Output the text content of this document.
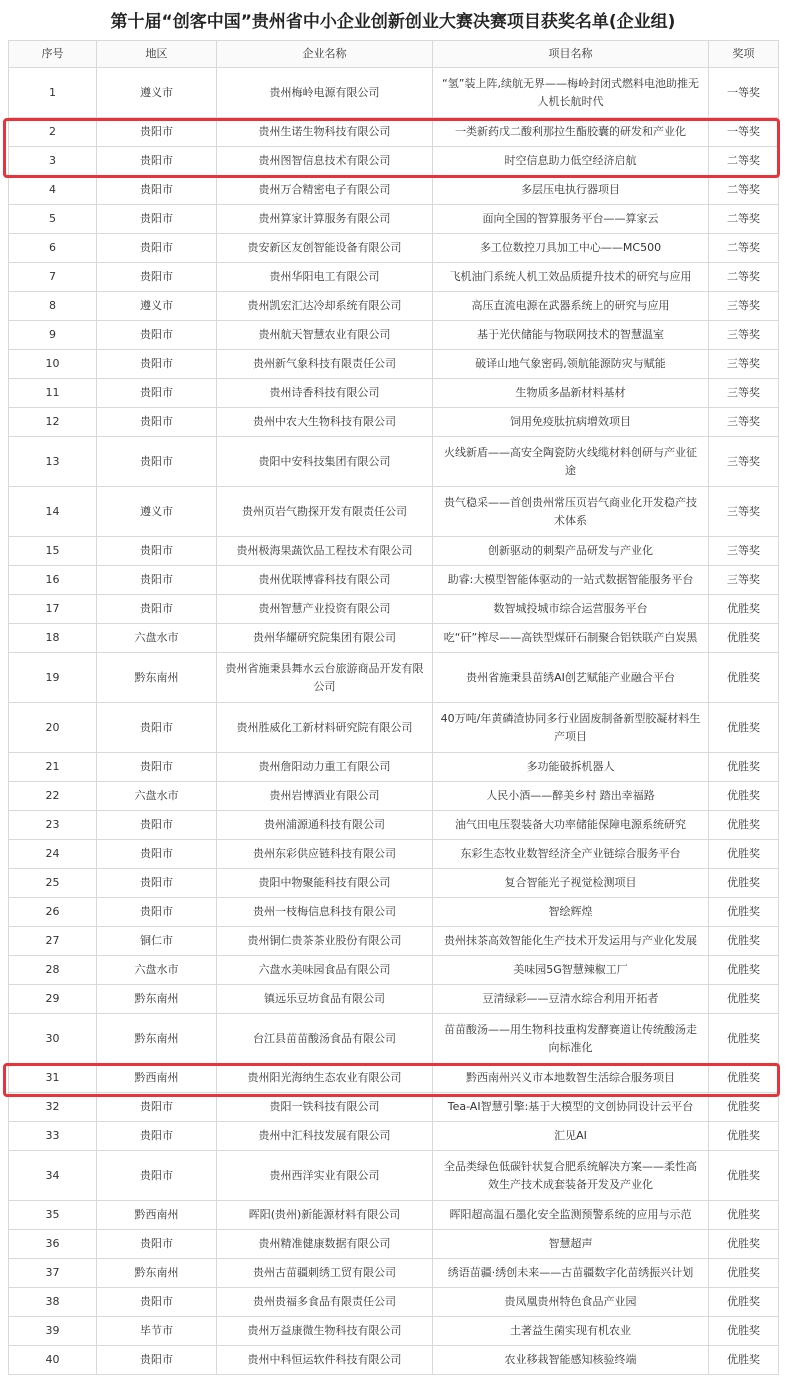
第十届“创客中国”贵州省中小企业创新创业大赛决赛项目获奖名单(企业组)
序号	地区	企业名称	项目名称	奖项
1	遵义市	贵州梅岭电源有限公司	“氢”装上阵,续航无界——梅岭封闭式燃料电池助推无人机长航时代	一等奖
2	贵阳市	贵州生诺生物科技有限公司	一类新药戊二酸利那拉生酯胶囊的研发和产业化	一等奖
3	贵阳市	贵州图智信息技术有限公司	时空信息助力低空经济启航	二等奖
4	贵阳市	贵州万合精密电子有限公司	多层压电执行器项目	二等奖
5	贵阳市	贵州算家计算服务有限公司	面向全国的智算服务平台——算家云	二等奖
6	贵阳市	贵安新区友创智能设备有限公司	多工位数控刀具加工中心——MC500	二等奖
7	贵阳市	贵州华阳电工有限公司	飞机油门系统人机工效品质提升技术的研究与应用	二等奖
8	遵义市	贵州凯宏汇达冷却系统有限公司	高压直流电源在武器系统上的研究与应用	三等奖
9	贵阳市	贵州航天智慧农业有限公司	基于光伏储能与物联网技术的智慧温室	三等奖
10	贵阳市	贵州新气象科技有限责任公司	破译山地气象密码,领航能源防灾与赋能	三等奖
11	贵阳市	贵州诗香科技有限公司	生物质多晶新材料基材	三等奖
12	贵阳市	贵州中农大生物科技有限公司	饲用免疫肽抗病增效项目	三等奖
13	贵阳市	贵阳中安科技集团有限公司	火线新盾——高安全陶瓷防火线缆材料创研与产业征途	三等奖
14	遵义市	贵州页岩气勘探开发有限责任公司	贵气稳采——首创贵州常压页岩气商业化开发稳产技术体系	三等奖
15	贵阳市	贵州极海果蔬饮品工程技术有限公司	创新驱动的刺梨产品研发与产业化	三等奖
16	贵阳市	贵州优联博睿科技有限公司	助睿:大模型智能体驱动的一站式数据智能服务平台	三等奖
17	贵阳市	贵州智慧产业投资有限公司	数智城投城市综合运营服务平台	优胜奖
18	六盘水市	贵州华耀研究院集团有限公司	吃“矸”榨尽——高铁型煤矸石制聚合铝铁联产白炭黑	优胜奖
19	黔东南州	贵州省施秉县舞水云台旅游商品开发有限公司	贵州省施秉县苗绣AI创艺赋能产业融合平台	优胜奖
20	贵阳市	贵州胜威化工新材料研究院有限公司	40万吨/年黄磷渣协同多行业固废制备新型胶凝材料生产项目	优胜奖
21	贵阳市	贵州詹阳动力重工有限公司	多功能破拆机器人	优胜奖
22	六盘水市	贵州岩博酒业有限公司	人民小酒——醉美乡村 踏出幸福路	优胜奖
23	贵阳市	贵州浦源通科技有限公司	油气田电压裂装备大功率储能保障电源系统研究	优胜奖
24	贵阳市	贵州东彩供应链科技有限公司	东彩生态牧业数智经济全产业链综合服务平台	优胜奖
25	贵阳市	贵阳中物聚能科技有限公司	复合智能光子视觉检测项目	优胜奖
26	贵阳市	贵州一枝梅信息科技有限公司	智绘辉煌	优胜奖
27	铜仁市	贵州铜仁贵茶茶业股份有限公司	贵州抹茶高效智能化生产技术开发运用与产业化发展	优胜奖
28	六盘水市	六盘水美味园食品有限公司	美味园5G智慧辣椒工厂	优胜奖
29	黔东南州	镇远乐豆坊食品有限公司	豆清绿彩——豆清水综合利用开拓者	优胜奖
30	黔东南州	台江县苗苗酸汤食品有限公司	苗苗酸汤——用生物科技重构发酵赛道让传统酸汤走向标准化	优胜奖
31	黔西南州	贵州阳光海纳生态农业有限公司	黔西南州兴义市本地数智生活综合服务项目	优胜奖
32	贵阳市	贵阳一铁科技有限公司	Tea-AI智慧引擎:基于大模型的文创协同设计云平台	优胜奖
33	贵阳市	贵州中汇科技发展有限公司	汇见AI	优胜奖
34	贵阳市	贵州西洋实业有限公司	全品类绿色低碳针状复合肥系统解决方案——柔性高效生产技术成套装备开发及产业化	优胜奖
35	黔西南州	晖阳(贵州)新能源材料有限公司	晖阳超高温石墨化安全监测预警系统的应用与示范	优胜奖
36	贵阳市	贵州精准健康数据有限公司	智慧超声	优胜奖
37	黔东南州	贵州古苗疆刺绣工贸有限公司	绣语苗疆·绣创未来——古苗疆数字化苗绣振兴计划	优胜奖
38	贵阳市	贵州贵福多食品有限责任公司	贵凤凰贵州特色食品产业园	优胜奖
39	毕节市	贵州万益康微生物科技有限公司	土著益生菌实现有机农业	优胜奖
40	贵阳市	贵州中科恒运软件科技有限公司	农业移栽智能感知核验终端	优胜奖
